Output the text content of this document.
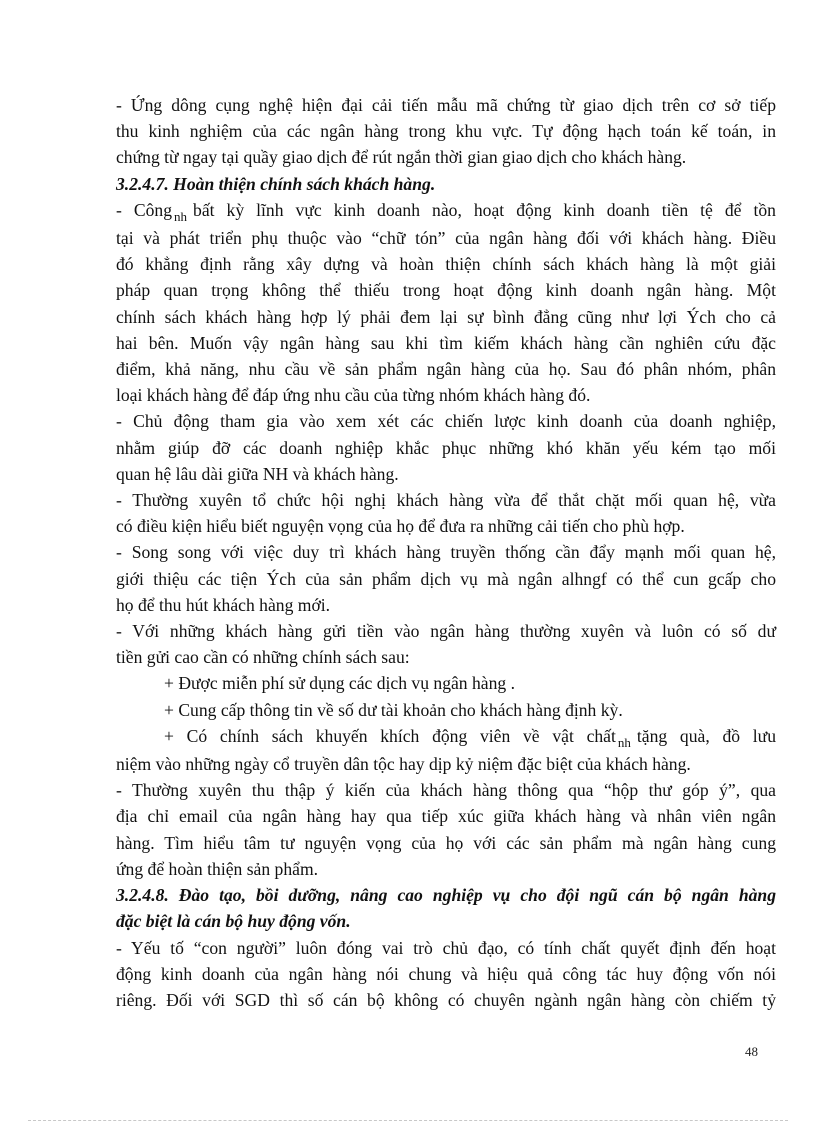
- Ứng dông cụng nghệ hiện đại cải tiến mẫu mã chứng từ giao dịch trên cơ sở tiếp
thu kinh nghiệm của các ngân hàng trong khu vực. Tự động hạch toán kế toán, in
chứng từ ngay tại quầy giao dịch để rút ngắn thời gian giao dịch cho khách hàng.
3.2.4.7. Hoàn thiện chính sách khách hàng.
- Công $_{nh}$ bất kỳ lĩnh vực kinh doanh nào, hoạt động kinh doanh tiền tệ để tồn
tại và phát triển phụ thuộc vào “chữ tón” của ngân hàng đối với khách hàng. Điều
đó khẳng định rằng xây dựng và hoàn thiện chính sách khách hàng là một giải
pháp quan trọng không thể thiếu trong hoạt động kinh doanh ngân hàng. Một
chính sách khách hàng hợp lý phải đem lại sự bình đẳng cũng như lợi Ých cho cả
hai bên. Muốn vậy ngân hàng sau khi tìm kiếm khách hàng cần nghiên cứu đặc
điểm, khả năng, nhu cầu về sản phẩm ngân hàng của họ. Sau đó phân nhóm, phân
loại khách hàng để đáp ứng nhu cầu của từng nhóm khách hàng đó.
- Chủ động tham gia vào xem xét các chiến lược kinh doanh của doanh nghiệp,
nhằm giúp đỡ các doanh nghiệp khắc phục những khó khăn yếu kém tạo mối
quan hệ lâu dài giữa NH và khách hàng.
- Thường xuyên tổ chức hội nghị khách hàng vừa để thắt chặt mối quan hệ, vừa
có điều kiện hiểu biết nguyện vọng của họ để đưa ra những cải tiến cho phù hợp.
- Song song với việc duy trì khách hàng truyền thống cần đẩy mạnh mối quan hệ,
giới thiệu các tiện Ých của sản phẩm dịch vụ mà ngân alhngf có thể cun gcấp cho
họ để thu hút khách hàng mới.
- Với những khách hàng gửi tiền vào ngân hàng thường xuyên và luôn có số dư
tiền gửi cao cần có những chính sách sau:
+ Được miễn phí sử dụng các dịch vụ ngân hàng .
+ Cung cấp thông tin về số dư tài khoản cho khách hàng định kỳ.
+ Có chính sách khuyến khích động viên về vật chất $_{nh}$ tặng quà, đồ lưu
niệm vào những ngày cổ truyền dân tộc hay dịp kỷ niệm đặc biệt của khách hàng.
- Thường xuyên thu thập ý kiến của khách hàng thông qua “hộp thư góp ý”, qua
địa chỉ email của ngân hàng hay qua tiếp xúc giữa khách hàng và nhân viên ngân
hàng. Tìm hiểu tâm tư nguyện vọng của họ với các sản phẩm mà ngân hàng cung
ứng để hoàn thiện sản phẩm.
3.2.4.8. Đào tạo, bồi dưỡng, nâng cao nghiệp vụ cho đội ngũ cán bộ ngân hàng
đặc biệt là cán bộ huy động vốn.
- Yếu tố “con người” luôn đóng vai trò chủ đạo, có tính chất quyết định đến hoạt
động kinh doanh của ngân hàng nói chung và hiệu quả công tác huy động vốn nói
riêng. Đối với SGD thì số cán bộ không có chuyên ngành ngân hàng còn chiếm tỷ
48
